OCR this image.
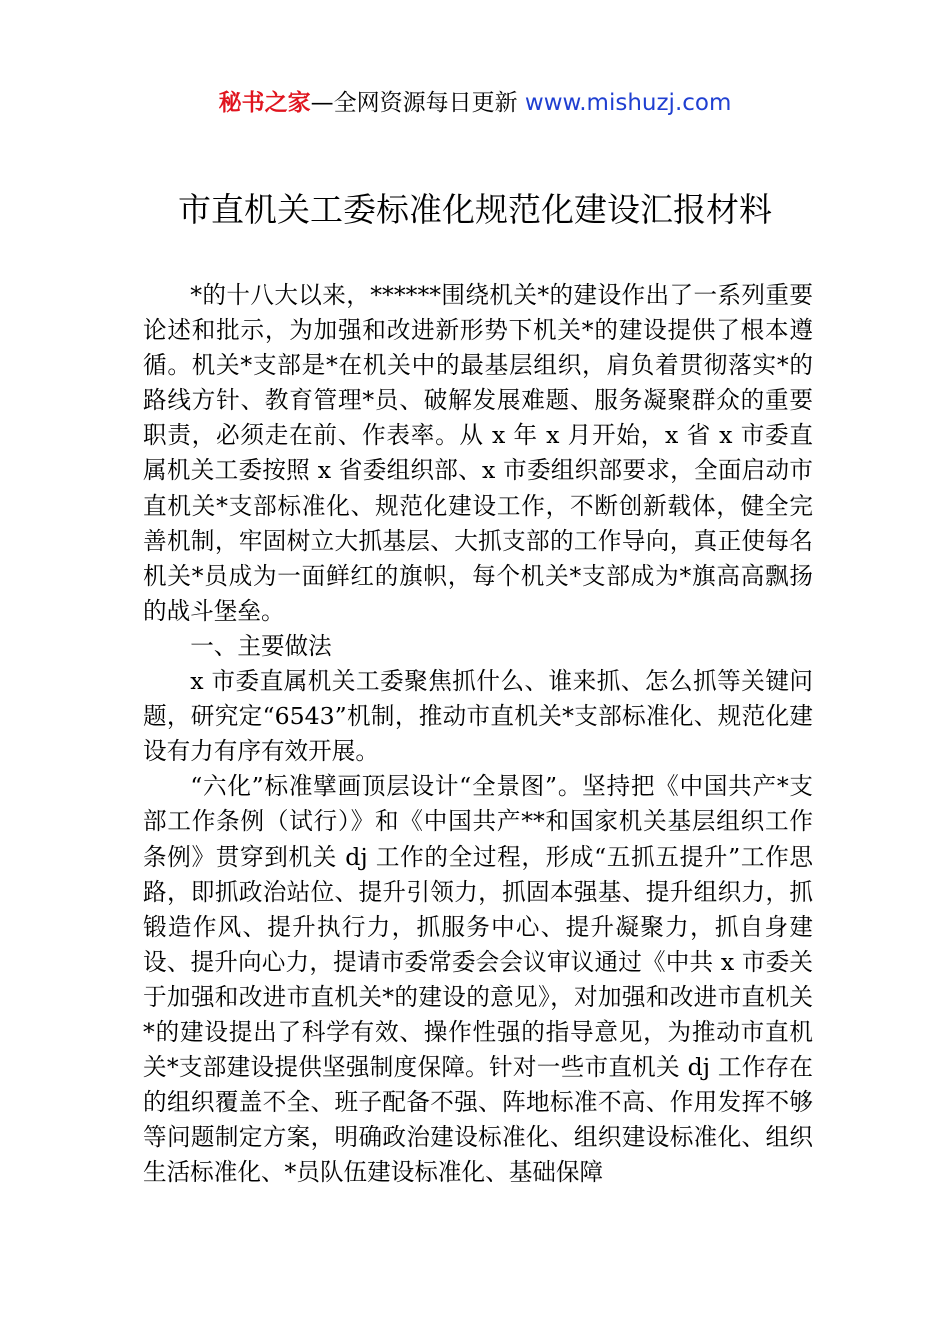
秘书之家—全网资源每日更新 www.mishuzj.com
市直机关工委标准化规范化建设汇报材料

*的十八大以来，******围绕机关*的建设作出了一系列重要论述和批示，为加强和改进新形势下机关*的建设提供了根本遵循。机关*支部是*在机关中的最基层组织，肩负着贯彻落实*的路线方针、教育管理*员、破解发展难题、服务凝聚群众的重要职责，必须走在前、作表率。从 x 年 x 月开始，x 省 x 市委直属机关工委按照 x 省委组织部、x 市委组织部要求，全面启动市直机关*支部标准化、规范化建设工作，不断创新载体，健全完善机制，牢固树立大抓基层、大抓支部的工作导向，真正使每名机关*员成为一面鲜红的旗帜，每个机关*支部成为*旗高高飘扬的战斗堡垒。

一、主要做法

x 市委直属机关工委聚焦抓什么、谁来抓、怎么抓等关键问题，研究定“6543”机制，推动市直机关*支部标准化、规范化建设有力有序有效开展。

“六化”标准擘画顶层设计“全景图”。坚持把《中国共产*支部工作条例（试行）》和《中国共产**和国家机关基层组织工作条例》贯穿到机关 dj 工作的全过程，形成“五抓五提升”工作思路，即抓政治站位、提升引领力，抓固本强基、提升组织力，抓锻造作风、提升执行力，抓服务中心、提升凝聚力，抓自身建设、提升向心力，提请市委常委会会议审议通过《中共 x 市委关于加强和改进市直机关*的建设的意见》，对加强和改进市直机关*的建设提出了科学有效、操作性强的指导意见，为推动市直机关*支部建设提供坚强制度保障。针对一些市直机关 dj 工作存在的组织覆盖不全、班子配备不强、阵地标准不高、作用发挥不够等问题制定方案，明确政治建设标准化、组织建设标准化、组织生活标准化、*员队伍建设标准化、基础保障
